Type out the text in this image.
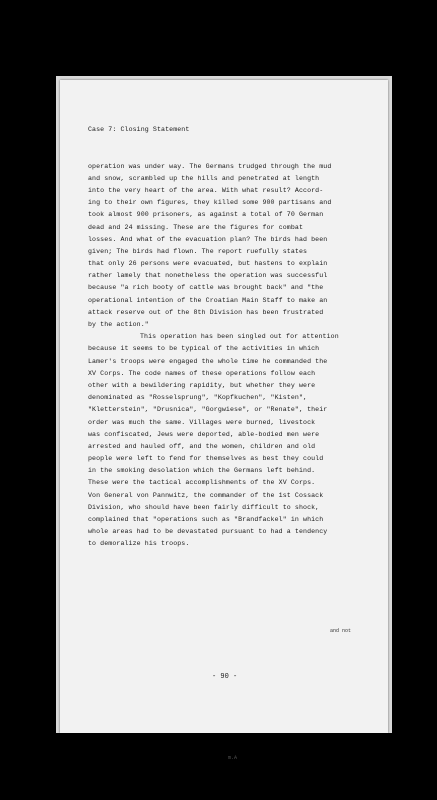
Case 7: Closing Statement
operation was under way. The Germans trudged through the mud
and snow, scrambled up the hills and penetrated at length
into the very heart of the area. With what result? Accord-
ing to their own figures, they killed some 900 partisans and
took almost 900 prisoners, as against a total of 70 German
dead and 24 missing. These are the figures for combat
losses. And what of the evacuation plan? The birds had been
given; The birds had flown. The report ruefully states
that only 26 persons were evacuated, but hastens to explain
rather lamely that nonetheless the operation was successful
because "a rich booty of cattle was brought back" and "the
operational intention of the Croatian Main Staff to make an
attack reserve out of the 8th Division has been frustrated
by the action."
This operation has been singled out for attention
because it seems to be typical of the activities in which
Lamer's troops were engaged the whole time he commanded the
XV Corps. The code names of these operations follow each
other with a bewildering rapidity, but whether they were
denominated as "Rosselsprung", "Kopfkuchen", "Kisten",
"Kletterstein", "Drusnica", "Gorgwiese", or "Renate", their
order was much the same. Villages were burned, livestock
was confiscated, Jews were deported, able-bodied men were
arrested and hauled off, and the women, children and old
people were left to fend for themselves as best they could
in the smoking desolation which the Germans left behind.
These were the tactical accomplishments of the XV Corps.
Von General von Pannwitz, the commander of the 1st Cossack
Division, who should have been fairly difficult to shock,
complained that "operations such as "Brandfackel" in which
whole areas had to be devastated pursuant to had a tendency
to demoralize his troops.
and not
- 90 -
m.A
